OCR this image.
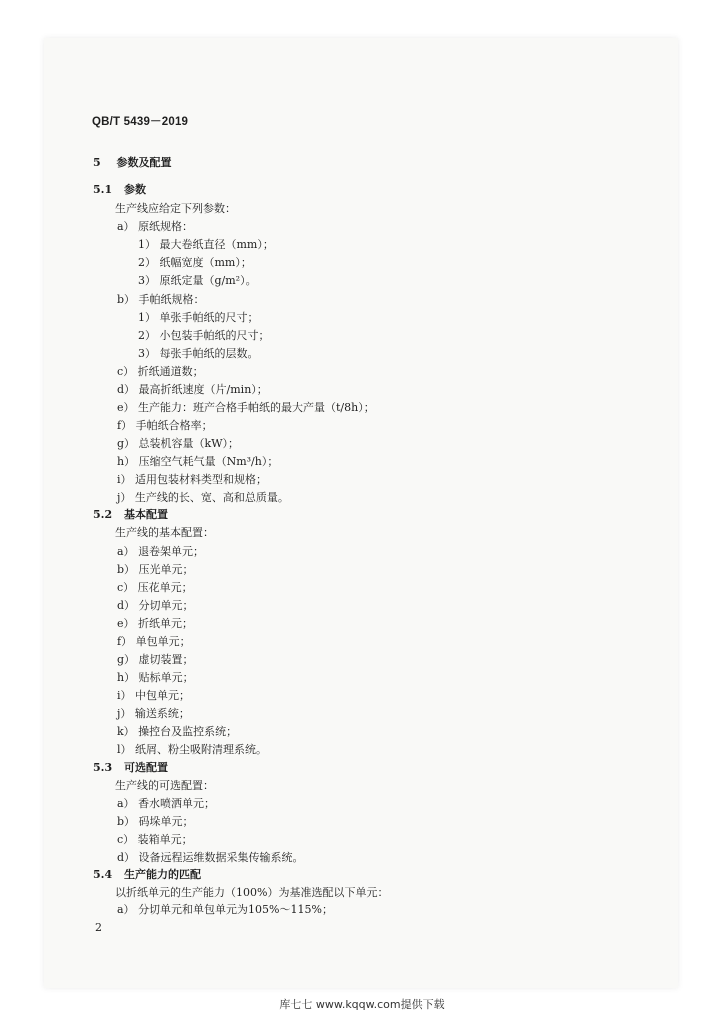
QB/T 5439－2019
5 参数及配置
5.1 参数
生产线应给定下列参数：
a） 原纸规格：
1） 最大卷纸直径（mm）；
2） 纸幅宽度（mm）；
3） 原纸定量（g/m²）。
b） 手帕纸规格：
1） 单张手帕纸的尺寸；
2） 小包装手帕纸的尺寸；
3） 每张手帕纸的层数。
c） 折纸通道数；
d） 最高折纸速度（片/min）；
e） 生产能力：班产合格手帕纸的最大产量（t/8h）；
f） 手帕纸合格率；
g） 总装机容量（kW）；
h） 压缩空气耗气量（Nm³/h）；
i） 适用包装材料类型和规格；
j） 生产线的长、宽、高和总质量。
5.2 基本配置
生产线的基本配置：
a） 退卷架单元；
b） 压光单元；
c） 压花单元；
d） 分切单元；
e） 折纸单元；
f） 单包单元；
g） 虚切装置；
h） 贴标单元；
i） 中包单元；
j） 输送系统；
k） 操控台及监控系统；
l） 纸屑、粉尘吸附清理系统。
5.3 可选配置
生产线的可选配置：
a） 香水喷洒单元；
b） 码垛单元；
c） 装箱单元；
d） 设备远程运维数据采集传输系统。
5.4 生产能力的匹配
以折纸单元的生产能力（100%）为基准选配以下单元：
a） 分切单元和单包单元为105%～115%；
2
库七七 www.kqqw.com提供下载
